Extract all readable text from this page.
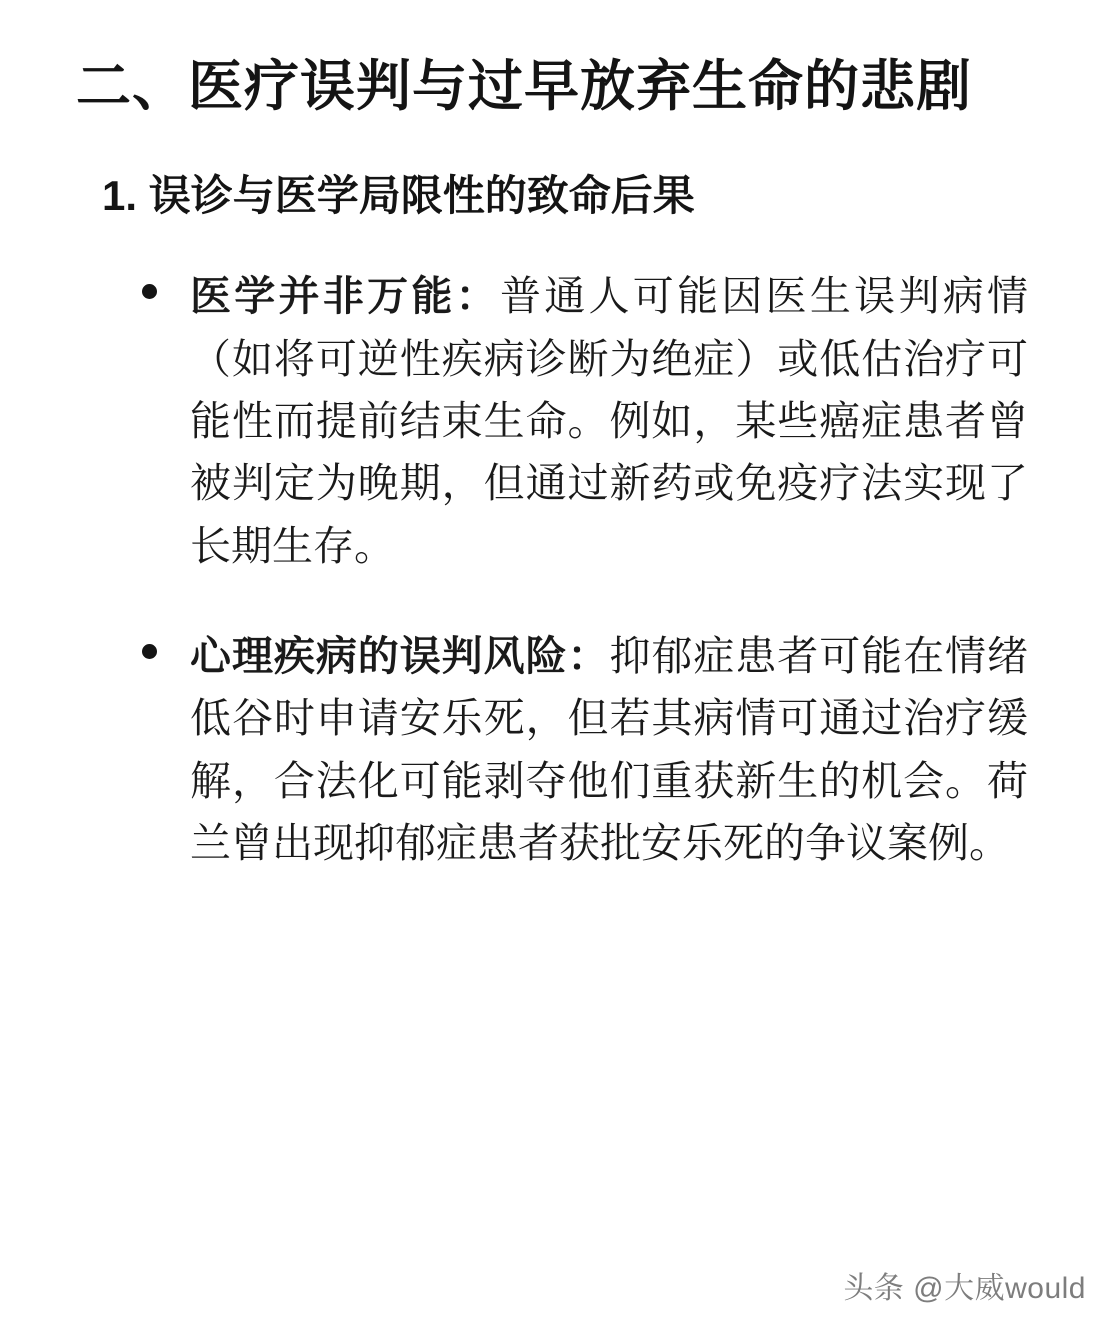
二、医疗误判与过早放弃生命的悲剧
1. 误诊与医学局限性的致命后果
医学并非万能：普通人可能因医生误判病情（如将可逆性疾病诊断为绝症）或低估治疗可能性而提前结束生命。例如，某些癌症患者曾被判定为晚期，但通过新药或免疫疗法实现了长期生存。
心理疾病的误判风险：抑郁症患者可能在情绪低谷时申请安乐死，但若其病情可通过治疗缓解，合法化可能剥夺他们重获新生的机会。荷兰曾出现抑郁症患者获批安乐死的争议案例。
头条 @大威would
